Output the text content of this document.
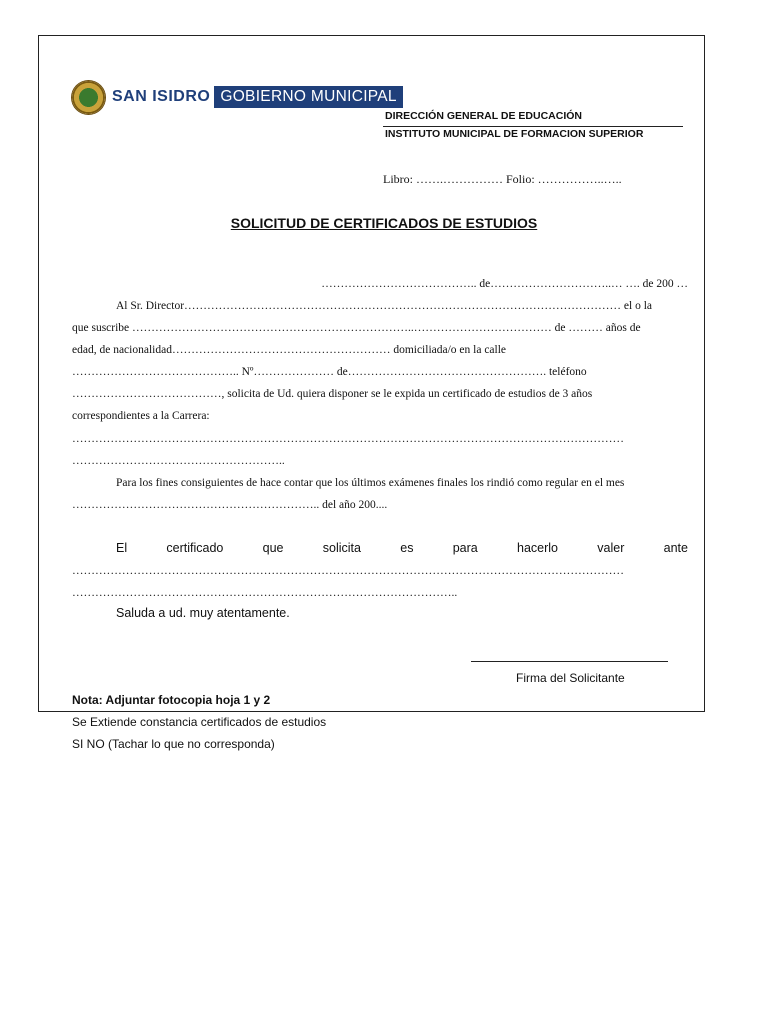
SAN ISIDRO GOBIERNO MUNICIPAL
DIRECCIÓN GENERAL DE EDUCACIÓN
INSTITUTO MUNICIPAL DE FORMACION SUPERIOR
Libro: …….…………… Folio: ……………..…..
SOLICITUD DE CERTIFICADOS DE ESTUDIOS
………………………………….. de…………………………..… …. de 200 …
Al Sr. Director…………………………………………………………………………………………………… el o la
que suscribe ………………………………………………………………..……………………………… de ……… años de
edad, de nacionalidad………………………………………………… domiciliada/o en la calle
…………………………………….. Nº………………… de……………………………………………. teléfono
…………………………………, solicita de Ud. quiera disponer se le expida un certificado de estudios de 3 años
correspondientes a la Carrera:
………………………………………………………………………………………………………………………………
………………………………………………..
Para los fines consiguientes de hace contar que los últimos exámenes finales los rindió como regular en el mes
……………………………………………………….. del año 200....
El	certificado	que	solicita	es	para	hacerlo	valer	ante
………………………………………………………………………………………………………………………………
………………………………………………………………………………………..
Saluda a ud. muy atentamente.
Firma del Solicitante
Nota: Adjuntar fotocopia hoja 1 y 2
Se Extiende constancia certificados de estudios
SI NO (Tachar lo que no corresponda)
